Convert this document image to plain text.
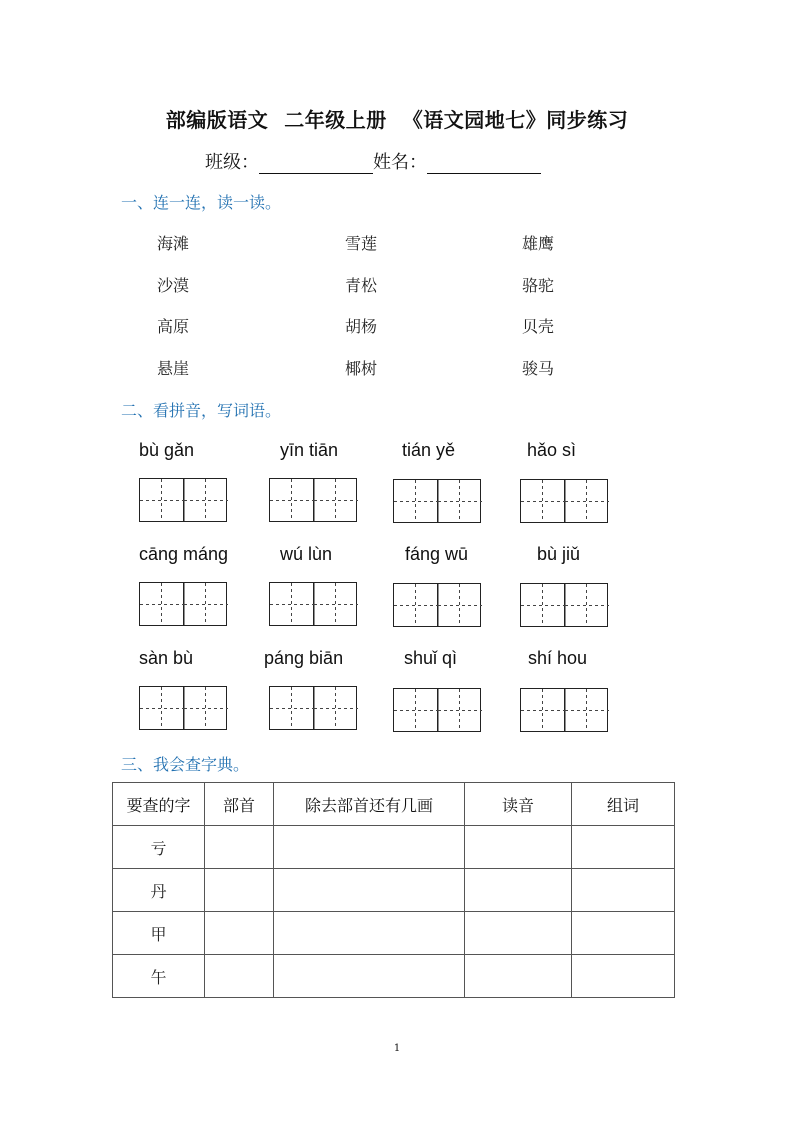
部编版语文 二年级上册 《语文园地七》同步练习
班级：	姓名：
一、连一连，读一读。
海滩
沙漠
高原
悬崖
雪莲
青松
胡杨
椰树
雄鹰
骆驼
贝壳
骏马
二、看拼音，写词语。
bù gǎn	yīn tiān	tián yě	hǎo sì
cāng máng	wú lùn	fáng wū	bù jiǔ
sàn bù	páng biān	shuǐ qì	shí hou
三、我会查字典。
要查的字	部首	除去部首还有几画	读音	组词
亏				
丹				
甲				
午				
1
